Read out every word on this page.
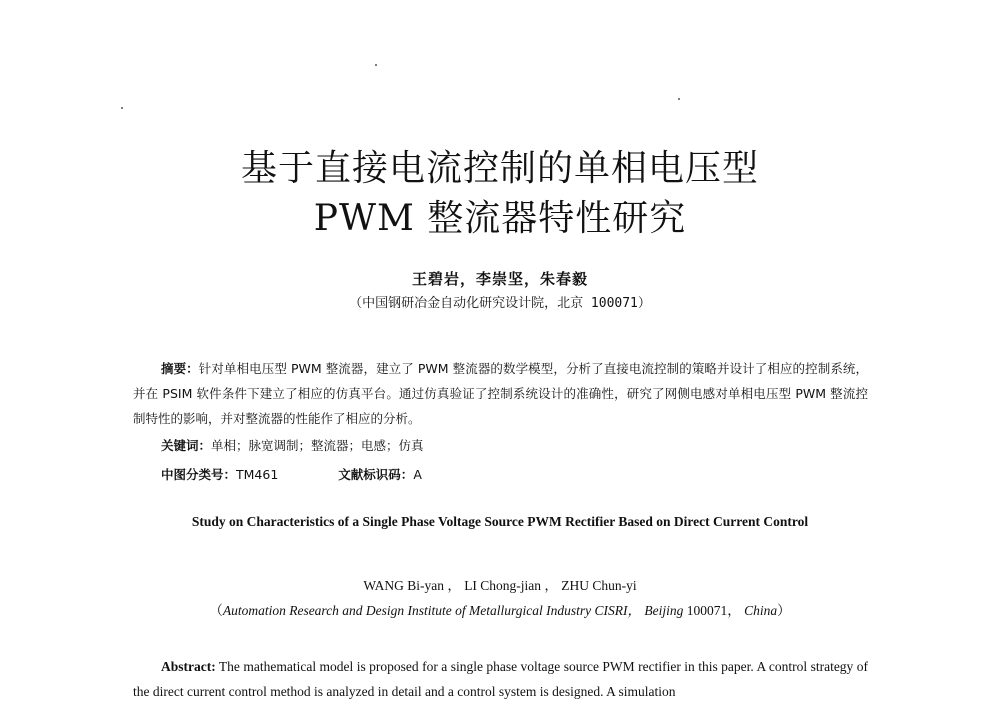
基于直接电流控制的单相电压型
PWM 整流器特性研究
王碧岩，李崇坚，朱春毅
（中国钢研冶金自动化研究设计院，北京 100071）
摘要：针对单相电压型 PWM 整流器，建立了 PWM 整流器的数学模型，分析了直接电流控制的策略并设计了相应的控制系统，并在 PSIM 软件条件下建立了相应的仿真平台。通过仿真验证了控制系统设计的准确性，研究了网侧电感对单相电压型 PWM 整流控制特性的影响，并对整流器的性能作了相应的分析。
关键词：单相；脉宽调制；整流器；电感；仿真
中图分类号：TM461	文献标识码：A
Study on Characteristics of a Single Phase Voltage Source PWM Rectifier Based on Direct Current Control
WANG Bi-yan ， LI Chong-jian ， ZHU Chun-yi
（Automation Research and Design Institute of Metallurgical Industry CISRI， Beijing 100071， China）
Abstract: The mathematical model is proposed for a single phase voltage source PWM rectifier in this paper. A control strategy of the direct current control method is analyzed in detail and a control system is designed. A simulation
